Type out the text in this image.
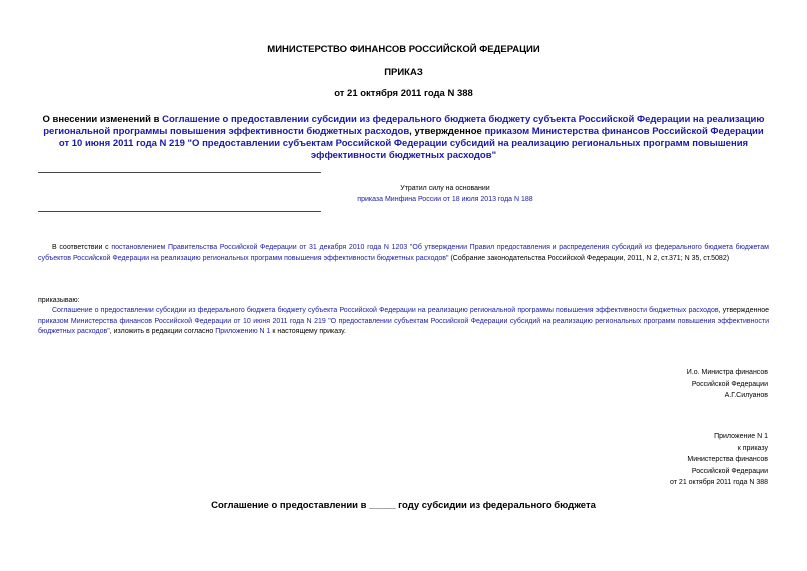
МИНИСТЕРСТВО ФИНАНСОВ РОССИЙСКОЙ ФЕДЕРАЦИИ
ПРИКАЗ
от 21 октября 2011 года N 388
О внесении изменений в Соглашение о предоставлении субсидии из федерального бюджета бюджету субъекта Российской Федерации на реализацию региональной программы повышения эффективности бюджетных расходов, утвержденное приказом Министерства финансов Российской Федерации от 10 июня 2011 года N 219 "О предоставлении субъектам Российской Федерации субсидий на реализацию региональных программ повышения эффективности бюджетных расходов"
Утратил силу на основании
приказа Минфина России от 18 июля 2013 года N 188
В соответствии с постановлением Правительства Российской Федерации от 31 декабря 2010 года N 1203 "Об утверждении Правил предоставления и распределения субсидий из федерального бюджета бюджетам субъектов Российской Федерации на реализацию региональных программ повышения эффективности бюджетных расходов" (Собрание законодательства Российской Федерации, 2011, N 2, ст.371; N 35, ст.5082)
приказываю:
Соглашение о предоставлении субсидии из федерального бюджета бюджету субъекта Российской Федерации на реализацию региональной программы повышения эффективности бюджетных расходов, утвержденное приказом Министерства финансов Российской Федерации от 10 июня 2011 года N 219 "О предоставлении субъектам Российской Федерации субсидий на реализацию региональных программ повышения эффективности бюджетных расходов", изложить в редакции согласно Приложению N 1 к настоящему приказу.
И.о. Министра финансов
Российской Федерации
А.Г.Силуанов
Приложение N 1
к приказу
Министерства финансов
Российской Федерации
от 21 октября 2011 года N 388
Соглашение о предоставлении в _____ году субсидии из федерального бюджета
